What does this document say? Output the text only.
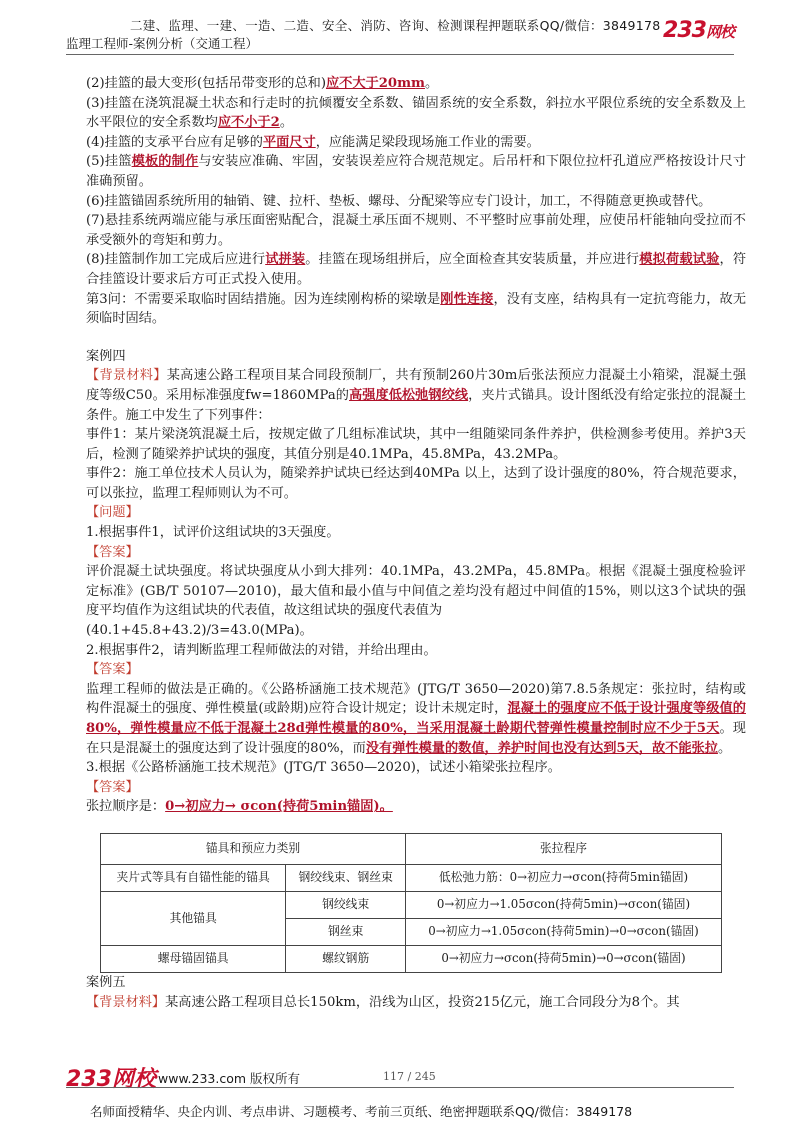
二建、监理、一建、一造、二造、安全、消防、咨询、检测课程押题联系QQ/微信：3849178
监理工程师-案例分析（交通工程）
233网校

(2)挂篮的最大变形(包括吊带变形的总和)应不大于20mm。

(3)挂篮在浇筑混凝土状态和行走时的抗倾覆安全系数、锚固系统的安全系数，斜拉水平限位系统的安全系数及上水平限位的安全系数均应不小于2。

(4)挂篮的支承平台应有足够的平面尺寸，应能满足梁段现场施工作业的需要。

(5)挂篮模板的制作与安装应准确、牢固，安装误差应符合规范规定。后吊杆和下限位拉杆孔道应严格按设计尺寸准确预留。

(6)挂篮锚固系统所用的轴销、键、拉杆、垫板、螺母、分配梁等应专门设计，加工，不得随意更换或替代。

(7)悬挂系统两端应能与承压面密贴配合，混凝土承压面不规则、不平整时应事前处理，应使吊杆能轴向受拉而不承受额外的弯矩和剪力。

(8)挂篮制作加工完成后应进行试拼装。挂篮在现场组拼后，应全面检查其安装质量，并应进行模拟荷载试验，符合挂篮设计要求后方可正式投入使用。

第3问：不需要采取临时固结措施。因为连续刚构桥的梁墩是刚性连接，没有支座，结构具有一定抗弯能力，故无须临时固结。

案例四

【背景材料】某高速公路工程项目某合同段预制厂，共有预制260片30m后张法预应力混凝土小箱梁，混凝土强度等级C50。采用标准强度fw=1860MPa的高强度低松弛钢绞线，夹片式锚具。设计图纸没有给定张拉的混凝土条件。施工中发生了下列事件：

事件1：某片梁浇筑混凝土后，按规定做了几组标准试块，其中一组随梁同条件养护，供检测参考使用。养护3天后，检测了随梁养护试块的强度，其值分别是40.1MPa，45.8MPa，43.2MPa。

事件2：施工单位技术人员认为，随梁养护试块已经达到40MPa 以上，达到了设计强度的80%，符合规范要求，可以张拉，监理工程师则认为不可。

【问题】

1.根据事件1，试评价这组试块的3天强度。

【答案】

评价混凝土试块强度。将试块强度从小到大排列：40.1MPa，43.2MPa，45.8MPa。根据《混凝土强度检验评定标准》(GB/T 50107—2010)，最大值和最小值与中间值之差均没有超过中间值的15%，则以这3个试块的强度平均值作为这组试块的代表值，故这组试块的强度代表值为

(40.1+45.8+43.2)/3=43.0(MPa)。

2.根据事件2，请判断监理工程师做法的对错，并给出理由。

【答案】

监理工程师的做法是正确的。《公路桥涵施工技术规范》(JTG/T 3650—2020)第7.8.5条规定：张拉时，结构或构件混凝土的强度、弹性模量(或龄期)应符合设计规定；设计未规定时，混凝土的强度应不低于设计强度等级值的80%，弹性模量应不低于混凝土28d弹性模量的80%，当采用混凝土龄期代替弹性模量控制时应不少于5天。现在只是混凝土的强度达到了设计强度的80%，而没有弹性模量的数值，养护时间也没有达到5天，故不能张拉。

3.根据《公路桥涵施工技术规范》(JTG/T 3650—2020)，试述小箱梁张拉程序。

【答案】

张拉顺序是：0→初应力→ σcon(持荷5min锚固)。

锚具和预应力类别		张拉程序
夹片式等具有自锚性能的锚具	钢绞线束、钢丝束	低松弛力筋：0→初应力→σcon(持荷5min锚固)
其他锚具	钢绞线束	0→初应力→1.05σcon(持荷5min)→σcon(锚固)
	钢丝束	0→初应力→1.05σcon(持荷5min)→0→σcon(锚固)
螺母锚固锚具	螺纹钢筋	0→初应力→σcon(持荷5min)→0→σcon(锚固)

案例五

【背景材料】某高速公路工程项目总长150km，沿线为山区，投资215亿元，施工合同段分为8个。其

233网校 www.233.com 版权所有	117 / 245
名师面授精华、央企内训、考点串讲、习题模考、考前三页纸、绝密押题联系QQ/微信：3849178
